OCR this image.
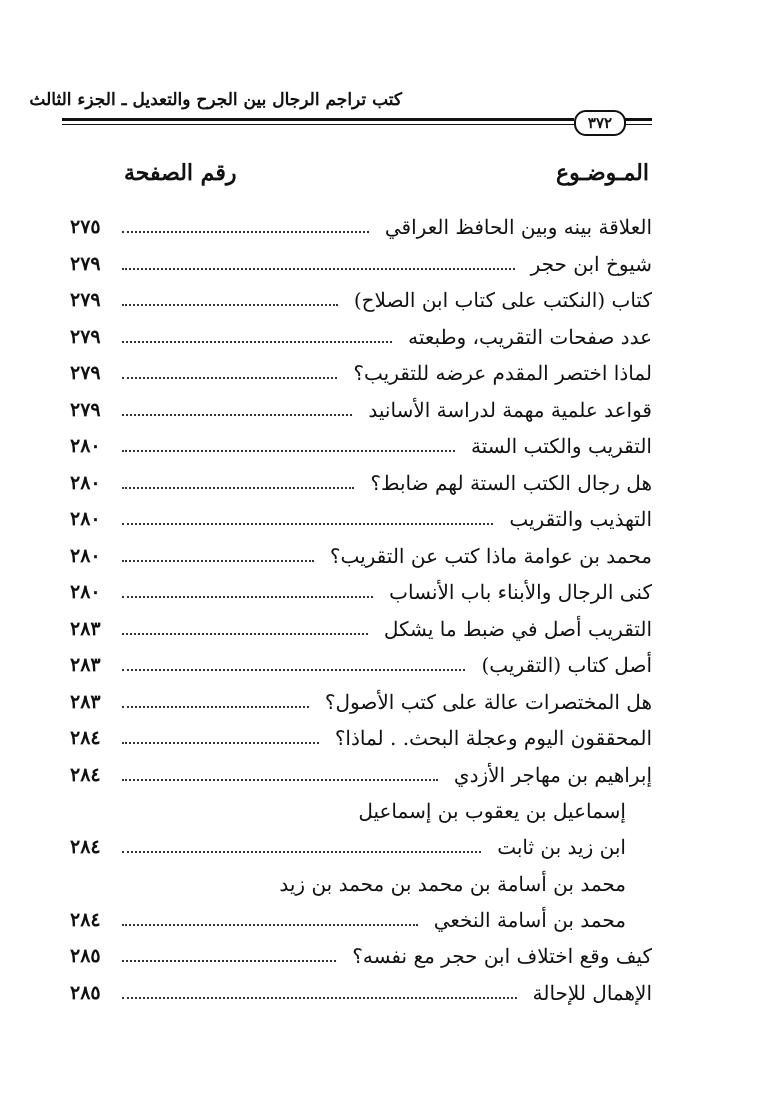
كتب تراجم الرجال بين الجرح والتعديل ـ الجزء الثالث
٣٧٢
المـوضـوع
رقم الصفحة
العلاقة بينه وبين الحافظ العراقي
٢٧٥
شيوخ ابن حجر
٢٧٩
كتاب (النكتب على كتاب ابن الصلاح)
٢٧٩
عدد صفحات التقريب، وطبعته
٢٧٩
لماذا اختصر المقدم عرضه للتقريب؟
٢٧٩
قواعد علمية مهمة لدراسة الأسانيد
٢٧٩
التقريب والكتب الستة
٢٨٠
هل رجال الكتب الستة لهم ضابط؟
٢٨٠
التهذيب والتقريب
٢٨٠
محمد بن عوامة ماذا كتب عن التقريب؟
٢٨٠
كنى الرجال والأبناء باب الأنساب
٢٨٠
التقريب أصل في ضبط ما يشكل
٢٨٣
أصل كتاب (التقريب)
٢٨٣
هل المختصرات عالة على كتب الأصول؟
٢٨٣
المحققون اليوم وعجلة البحث. . لماذا؟
٢٨٤
إبراهيم بن مهاجر الأزدي
٢٨٤
إسماعيل بن يعقوب بن إسماعيل
ابن زيد بن ثابت
٢٨٤
محمد بن أسامة بن محمد بن محمد بن زيد
محمد بن أسامة النخعي
٢٨٤
كيف وقع اختلاف ابن حجر مع نفسه؟
٢٨٥
الإهمال للإحالة
٢٨٥
